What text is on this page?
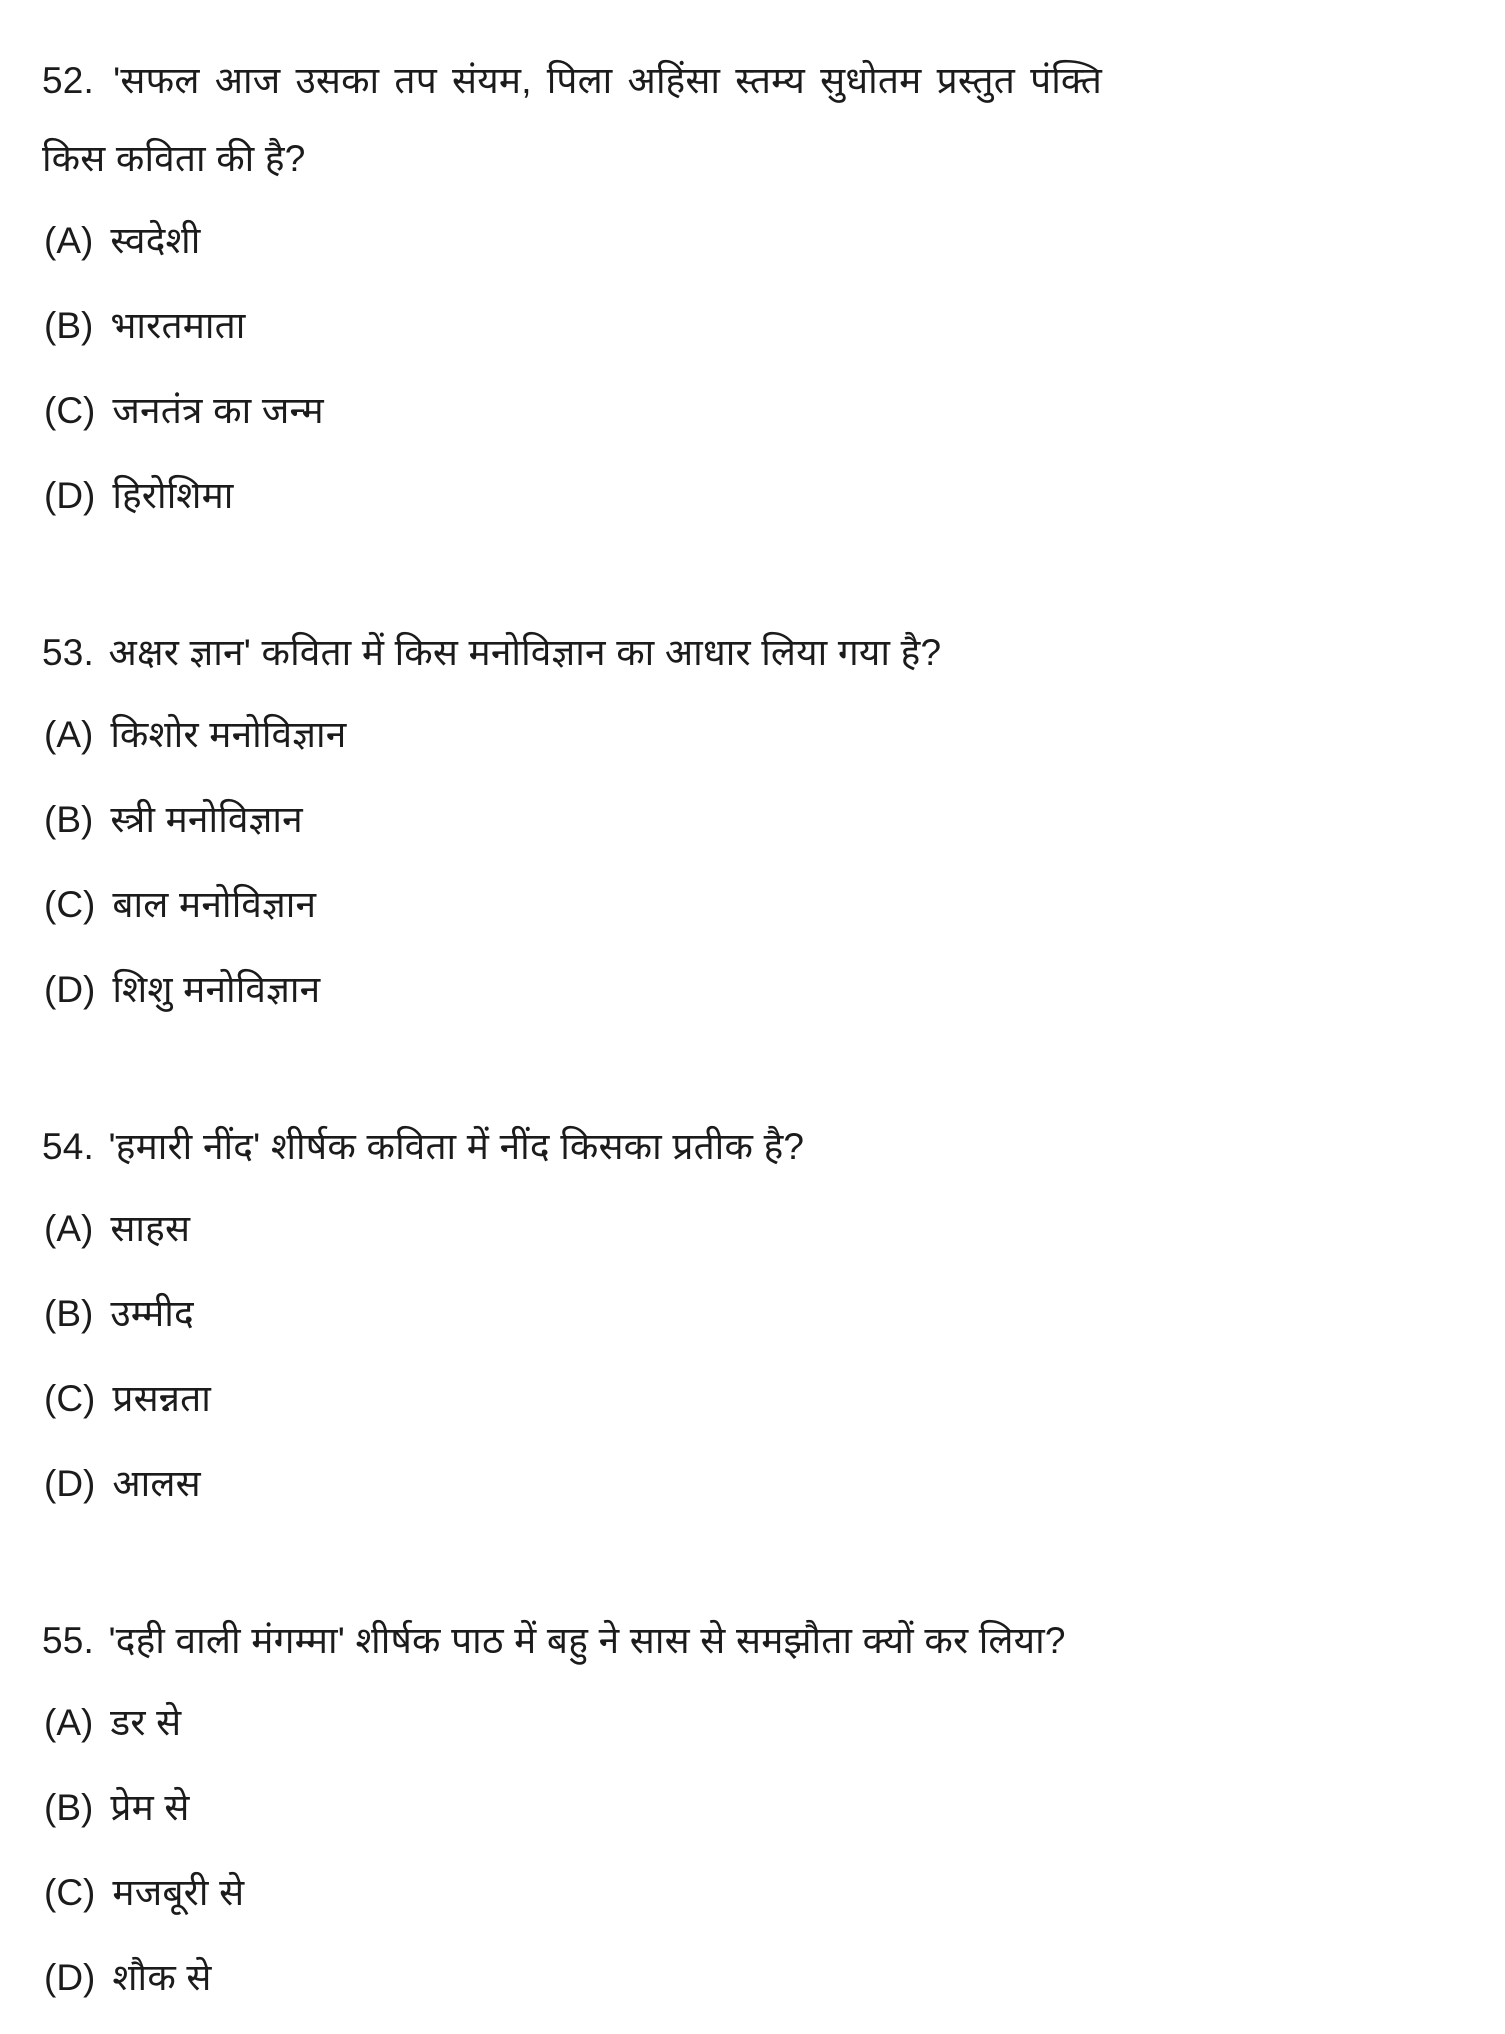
52. 'सफल आज उसका तप संयम, पिला अहिंसा स्तम्य सुधोतम प्रस्तुत पंक्ति किस कविता की है?

(A) स्वदेशी

(B) भारतमाता

(C) जनतंत्र का जन्म

(D) हिरोशिमा

53. अक्षर ज्ञान' कविता में किस मनोविज्ञान का आधार लिया गया है?

(A) किशोर मनोविज्ञान

(B) स्त्री मनोविज्ञान

(C) बाल मनोविज्ञान

(D) शिशु मनोविज्ञान

54. 'हमारी नींद' शीर्षक कविता में नींद किसका प्रतीक है?

(A) साहस

(B) उम्मीद

(C) प्रसन्नता

(D) आलस

55. 'दही वाली मंगम्मा' शीर्षक पाठ में बहु ने सास से समझौता क्यों कर लिया?

(A) डर से

(B) प्रेम से

(C) मजबूरी से

(D) शौक से
